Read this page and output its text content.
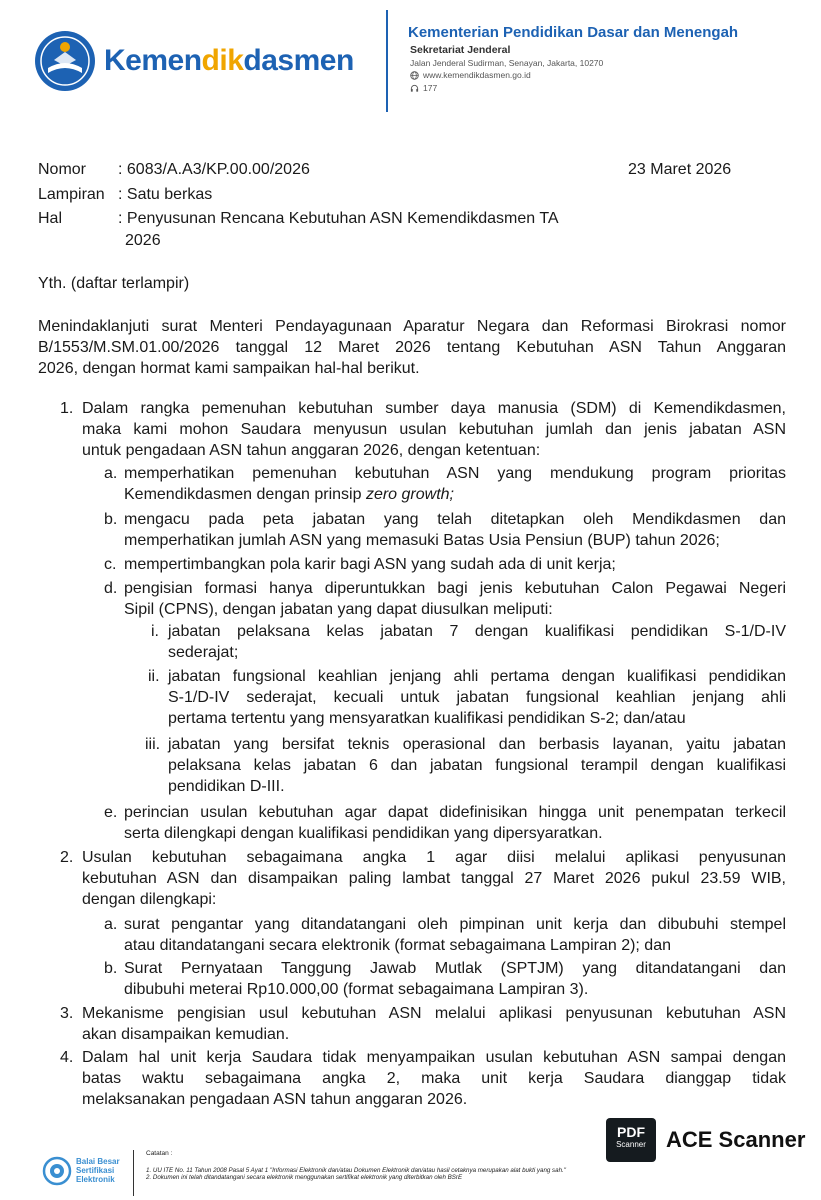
Kemendikdasmen
Kementerian Pendidikan Dasar dan Menengah
Sekretariat Jenderal
Jalan Jenderal Sudirman, Senayan, Jakarta, 10270
www.kemendikdasmen.go.id
177
Nomor : 6083/A.A3/KP.00.00/2026	23 Maret 2026
Lampiran : Satu berkas
Hal	: Penyusunan Rencana Kebutuhan ASN Kemendikdasmen TA
2026
Yth. (daftar terlampir)
Menindaklanjuti surat Menteri Pendayagunaan Aparatur Negara dan Reformasi Birokrasi nomor
B/1553/M.SM.01.00/2026 tanggal 12 Maret 2026 tentang Kebutuhan ASN Tahun Anggaran
2026, dengan hormat kami sampaikan hal-hal berikut.
1. Dalam rangka pemenuhan kebutuhan sumber daya manusia (SDM) di Kemendikdasmen,
maka kami mohon Saudara menyusun usulan kebutuhan jumlah dan jenis jabatan ASN
untuk pengadaan ASN tahun anggaran 2026, dengan ketentuan:
a. memperhatikan pemenuhan kebutuhan ASN yang mendukung program prioritas
Kemendikdasmen dengan prinsip zero growth;
b. mengacu pada peta jabatan yang telah ditetapkan oleh Mendikdasmen dan
memperhatikan jumlah ASN yang memasuki Batas Usia Pensiun (BUP) tahun 2026;
c. mempertimbangkan pola karir bagi ASN yang sudah ada di unit kerja;
d. pengisian formasi hanya diperuntukkan bagi jenis kebutuhan Calon Pegawai Negeri
Sipil (CPNS), dengan jabatan yang dapat diusulkan meliputi:
i. jabatan pelaksana kelas jabatan 7 dengan kualifikasi pendidikan S-1/D-IV
sederajat;
ii. jabatan fungsional keahlian jenjang ahli pertama dengan kualifikasi pendidikan
S-1/D-IV sederajat, kecuali untuk jabatan fungsional keahlian jenjang ahli
pertama tertentu yang mensyaratkan kualifikasi pendidikan S-2; dan/atau
iii. jabatan yang bersifat teknis operasional dan berbasis layanan, yaitu jabatan
pelaksana kelas jabatan 6 dan jabatan fungsional terampil dengan kualifikasi
pendidikan D-III.
e. perincian usulan kebutuhan agar dapat didefinisikan hingga unit penempatan terkecil
serta dilengkapi dengan kualifikasi pendidikan yang dipersyaratkan.
2. Usulan kebutuhan sebagaimana angka 1 agar diisi melalui aplikasi penyusunan
kebutuhan ASN dan disampaikan paling lambat tanggal 27 Maret 2026 pukul 23.59 WIB,
dengan dilengkapi:
a. surat pengantar yang ditandatangani oleh pimpinan unit kerja dan dibubuhi stempel
atau ditandatangani secara elektronik (format sebagaimana Lampiran 2); dan
b. Surat Pernyataan Tanggung Jawab Mutlak (SPTJM) yang ditandatangani dan
dibubuhi meterai Rp10.000,00 (format sebagaimana Lampiran 3).
3. Mekanisme pengisian usul kebutuhan ASN melalui aplikasi penyusunan kebutuhan ASN
akan disampaikan kemudian.
4. Dalam hal unit kerja Saudara tidak menyampaikan usulan kebutuhan ASN sampai dengan
batas waktu sebagaimana angka 2, maka unit kerja Saudara dianggap tidak
melaksanakan pengadaan ASN tahun anggaran 2026.
Balai Besar
Sertifikasi
Elektronik
Catatan :
1. UU ITE No. 11 Tahun 2008 Pasal 5 Ayat 1 "Informasi Elektronik dan/atau Dokumen Elektronik dan/atau hasil cetaknya merupakan alat bukti yang sah."
2. Dokumen ini telah ditandatangani secara elektronik menggunakan sertifikat elektronik yang diterbitkan oleh BSrE
PDF
Scanner ACE Scanner
